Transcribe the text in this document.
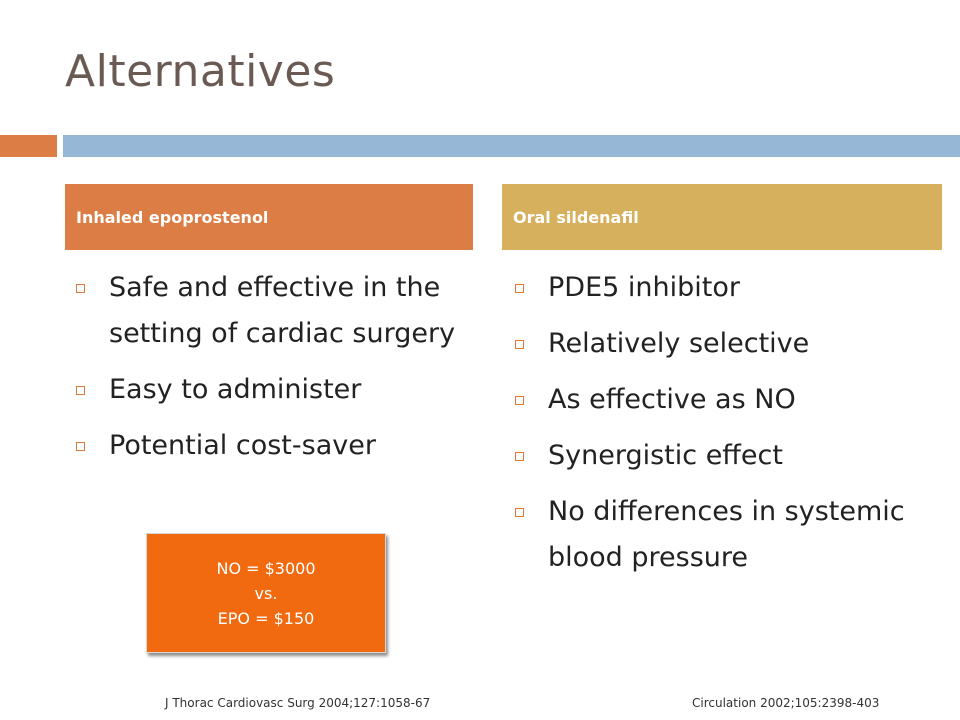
Alternatives
Inhaled epoprostenol	Oral sildenafil
Safe and effective in the setting of cardiac surgery
Easy to administer
Potential cost-saver
PDE5 inhibitor
Relatively selective
As effective as NO
Synergistic effect
No differences in systemic blood pressure
NO = $3000
vs.
EPO = $150
J Thorac Cardiovasc Surg 2004;127:1058-67	Circulation 2002;105:2398-403
